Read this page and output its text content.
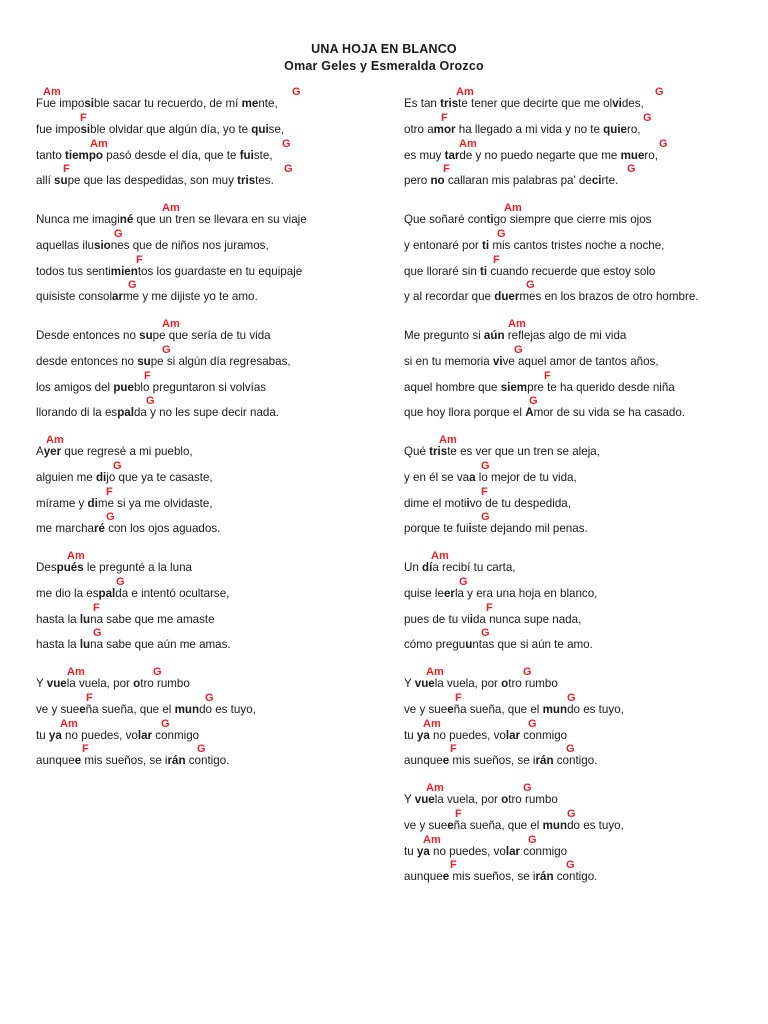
UNA HOJA EN BLANCO
Omar Geles y Esmeralda Orozco
Am	G
Fue imposible sacar tu recuerdo, de mí mente,
F
fue imposible olvidar que algún día, yo te quise,
Am	G
tanto tiempo pasó desde el día, que te fuiste,
F	G
allí supe que las despedidas, son muy tristes.
Am
Nunca me imaginé que un tren se llevara en su viaje
G
aquellas ilusiones que de niños nos juramos,
F
todos tus sentimientos los guardaste en tu equipaje
G
quisiste consolarme y me dijiste yo te amo.
Am
Desde entonces no supe que sería de tu vida
G
desde entonces no supe si algún día regresabas,
F
los amigos del pueblo preguntaron si volvías
G
llorando di la espalda y no les supe decir nada.
Am
Ayer que regresé a mi pueblo,
G
alguien me dijo que ya te casaste,
F
mírame y dime si ya me olvidaste,
G
me marcharé con los ojos aguados.
Am
Después le pregunté a la luna
G
me dio la espalda e intentó ocultarse,
F
hasta la luna sabe que me amaste
G
hasta la luna sabe que aún me amas.
Am	G
Y vuela vuela, por otro rumbo
F	G
ve y sueeña sueña, que el mundo es tuyo,
Am	G
tu ya no puedes, volar conmigo
F	G
aunquee mis sueños, se irán contigo.
Am	G
Es tan triste tener que decirte que me olvides,
F	G
otro amor ha llegado a mi vida y no te quiero,
Am	G
es muy tarde y no puedo negarte que me muero,
F	G
pero no callaran mis palabras pa' decirte.
Am
Que soñaré contigo siempre que cierre mis ojos
G
y entonaré por ti mis cantos tristes noche a noche,
F
que lloraré sin ti cuando recuerde que estoy solo
G
y al recordar que duermes en los brazos de otro hombre.
Am
Me pregunto si aún reflejas algo de mi vida
G
si en tu memoria vive aquel amor de tantos años,
F
aquel hombre que siempre te ha querido desde niña
G
que hoy llora porque el Amor de su vida se ha casado.
Am
Qué triste es ver que un tren se aleja,
G
y en él se vaa lo mejor de tu vida,
F
dime el motiivo de tu despedida,
G
porque te fuiiste dejando mil penas.
Am
Un día recibí tu carta,
G
quise leerla y era una hoja en blanco,
F
pues de tu viida nunca supe nada,
G
cómo preguuntas que si aún te amo.
Am	G
Y vuela vuela, por otro rumbo
F	G
ve y sueeña sueña, que el mundo es tuyo,
Am	G
tu ya no puedes, volar conmigo
F	G
aunquee mis sueños, se irán contigo.
Am	G
Y vuela vuela, por otro rumbo
F	G
ve y sueeña sueña, que el mundo es tuyo,
Am	G
tu ya no puedes, volar conmigo
F	G
aunquee mis sueños, se irán contigo.
